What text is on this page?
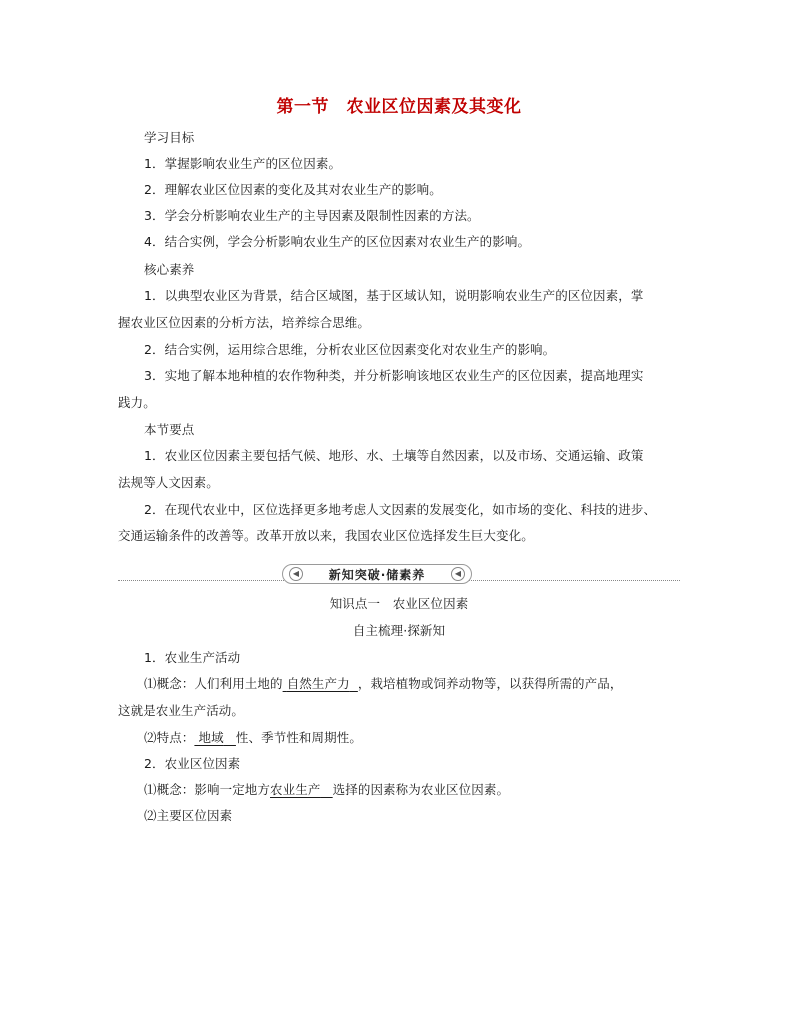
第一节　农业区位因素及其变化
学习目标
1．掌握影响农业生产的区位因素。
2．理解农业区位因素的变化及其对农业生产的影响。
3．学会分析影响农业生产的主导因素及限制性因素的方法。
4．结合实例，学会分析影响农业生产的区位因素对农业生产的影响。
核心素养
1．以典型农业区为背景，结合区域图，基于区域认知，说明影响农业生产的区位因素，掌
握农业区位因素的分析方法，培养综合思维。
2．结合实例，运用综合思维，分析农业区位因素变化对农业生产的影响。
3．实地了解本地种植的农作物种类，并分析影响该地区农业生产的区位因素，提高地理实
践力。
本节要点
1．农业区位因素主要包括气候、地形、水、土壤等自然因素，以及市场、交通运输、政策
法规等人文因素。
2．在现代农业中，区位选择更多地考虑人文因素的发展变化，如市场的变化、科技的进步、
交通运输条件的改善等。改革开放以来，我国农业区位选择发生巨大变化。
◀	新知突破·储素养	◀
知识点一　农业区位因素
自主梳理·探新知
1．农业生产活动
⑴概念：人们利用土地的 自然生产力 ，栽培植物或饲养动物等，以获得所需的产品，
这就是农业生产活动。
⑵特点： 地域 性、季节性和周期性。
2．农业区位因素
⑴概念：影响一定地方农业生产 选择的因素称为农业区位因素。
⑵主要区位因素
